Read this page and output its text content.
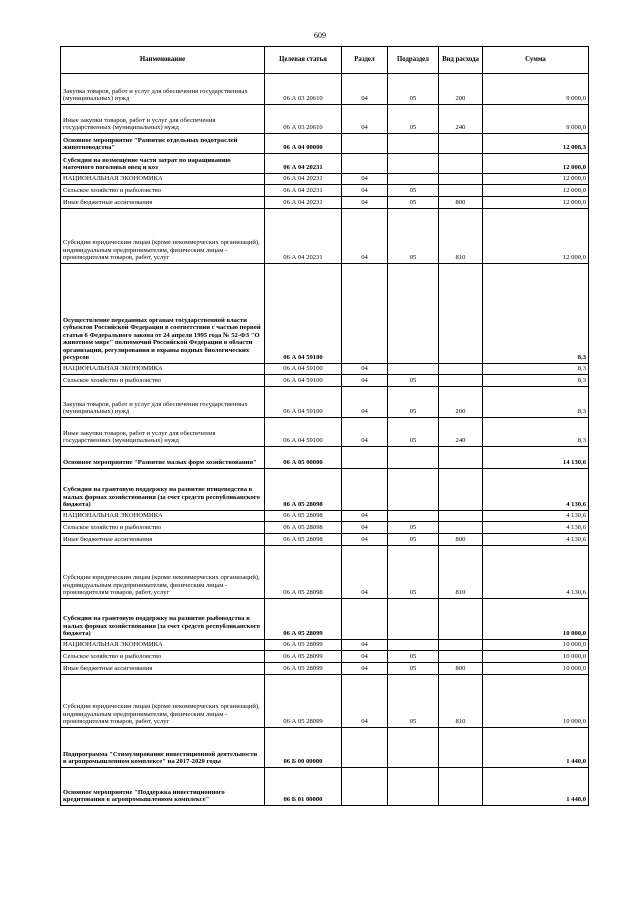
609
Наименование	Целевая статья	Раздел	Подраздел	Вид расхода	Сумма
Закупка товаров, работ и услуг для обеспечения государственных (муниципальных) нужд	06 А 03 20610	04	05	200	9 000,0
Иные закупки товаров, работ и услуг для обеспечения государственных (муниципальных) нужд	06 А 03 20610	04	05	240	9 000,0
Основное мероприятие "Развитие отдельных подотраслей животноводства"	06 А 04 00000				12 008,3
Субсидии на возмещение части затрат по наращиванию маточного поголовья овец и коз	06 А 04 20231				12 000,0
НАЦИОНАЛЬНАЯ ЭКОНОМИКА	06 А 04 20231	04			12 000,0
Сельское хозяйство и рыболовство	06 А 04 20231	04	05		12 000,0
Иные бюджетные ассигнования	06 А 04 20231	04	05	800	12 000,0
Субсидии юридическим лицам (кроме некоммерческих организаций), индивидуальным предпринимателям, физическим лицам - производителям товаров, работ, услуг	06 А 04 20231	04	05	810	12 000,0
Осуществление переданных органам государственной власти субъектов Российской Федерации в соответствии с частью первой статьи 6 Федерального закона от 24 апреля 1995 года № 52-ФЗ "О животном мире" полномочий Российской Федерации в области организации, регулирования и охраны водных биологических ресурсов	06 А 04 59100				8,3
НАЦИОНАЛЬНАЯ ЭКОНОМИКА	06 А 04 59100	04			8,3
Сельское хозяйство и рыболовство	06 А 04 59100	04	05		8,3
Закупка товаров, работ и услуг для обеспечения государственных (муниципальных) нужд	06 А 04 59100	04	05	200	8,3
Иные закупки товаров, работ и услуг для обеспечения государственных (муниципальных) нужд	06 А 04 59100	04	05	240	8,3
Основное мероприятие "Развитие малых форм хозяйствования"	06 А 05 00000				14 130,6
Субсидии на грантовую поддержку на развитие птицеводства в малых формах хозяйствования (за счет средств республиканского бюджета)	06 А 05 28098				4 130,6
НАЦИОНАЛЬНАЯ ЭКОНОМИКА	06 А 05 28098	04			4 130,6
Сельское хозяйство и рыболовство	06 А 05 28098	04	05		4 130,6
Иные бюджетные ассигнования	06 А 05 28098	04	05	800	4 130,6
Субсидии юридическим лицам (кроме некоммерческих организаций), индивидуальным предпринимателям, физическим лицам - производителям товаров, работ, услуг	06 А 05 28098	04	05	810	4 130,6
Субсидии на грантовую поддержку на развитие рыбоводства в малых формах хозяйствования (за счет средств республиканского бюджета)	06 А 05 28099				10 000,0
НАЦИОНАЛЬНАЯ ЭКОНОМИКА	06 А 05 28099	04			10 000,0
Сельское хозяйство и рыболовство	06 А 05 28099	04	05		10 000,0
Иные бюджетные ассигнования	06 А 05 28099	04	05	800	10 000,0
Субсидии юридическим лицам (кроме некоммерческих организаций), индивидуальным предпринимателям, физическим лицам - производителям товаров, работ, услуг	06 А 05 28099	04	05	810	10 000,0
Подпрограмма "Стимулирование инвестиционной деятельности в агропромышленном комплексе" на 2017-2020 годы	06 Б 00 00000				1 440,0
Основное мероприятие "Поддержка инвестиционного кредитования в агропромышленном комплексе"	06 Б 01 00000				1 440,0
